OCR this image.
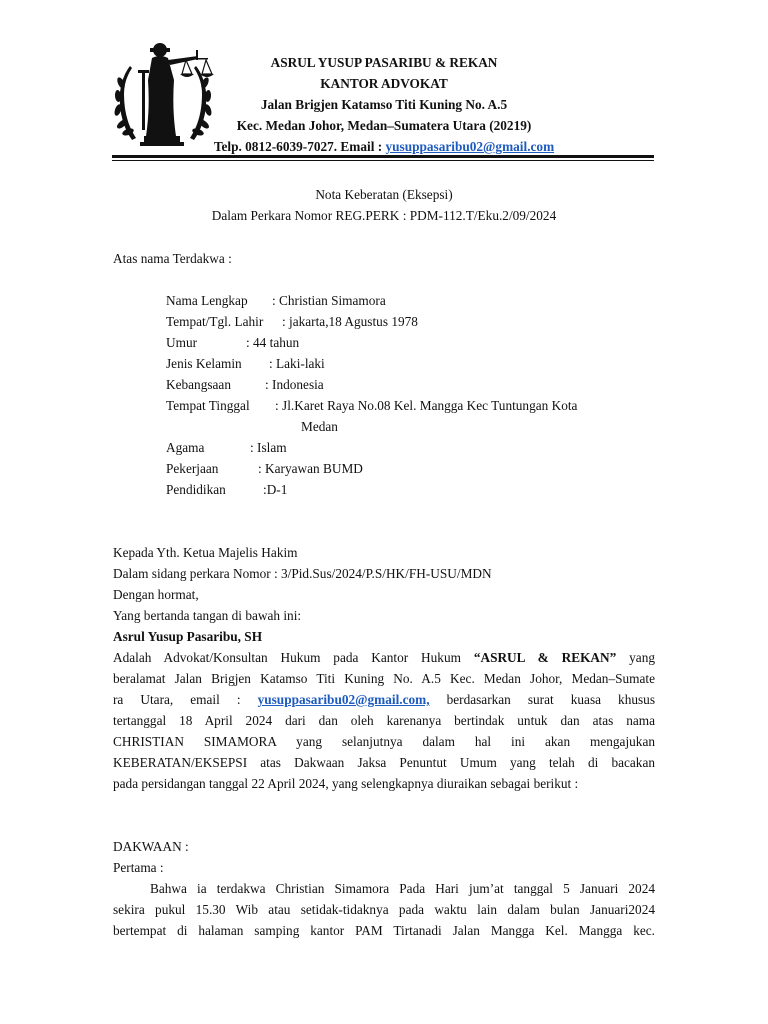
ASRUL YUSUP PASARIBU & REKAN
KANTOR ADVOKAT
Jalan Brigjen Katamso Titi Kuning No. A.5
Kec. Medan Johor, Medan–Sumatera Utara (20219)
Telp. 0812-6039-7027. Email : yusuppasaribu02@gmail.com
Nota Keberatan (Eksepsi)
Dalam Perkara Nomor REG.PERK : PDM-112.T/Eku.2/09/2024
Atas nama Terdakwa :
Nama Lengkap : Christian Simamora
Tempat/Tgl. Lahir : jakarta,18 Agustus 1978
Umur	: 44 tahun
Jenis Kelamin : Laki-laki
Kebangsaan	: Indonesia
Tempat Tinggal : Jl.Karet Raya No.08 Kel. Mangga Kec Tuntungan Kota
Medan
Agama	: Islam
Pekerjaan	: Karyawan BUMD
Pendidikan	:D-1
Kepada Yth. Ketua Majelis Hakim
Dalam sidang perkara Nomor : 3/Pid.Sus/2024/P.S/HK/FH-USU/MDN
Dengan hormat,
Yang bertanda tangan di bawah ini:
Asrul Yusup Pasaribu, SH
Adalah Advokat/Konsultan Hukum pada Kantor Hukum “ASRUL & REKAN” yang
beralamat Jalan Brigjen Katamso Titi Kuning No. A.5 Kec. Medan Johor, Medan–Sumate
ra Utara, email : yusuppasaribu02@gmail.com, berdasarkan surat kuasa khusus
tertanggal 18 April 2024 dari dan oleh karenanya bertindak untuk dan atas nama
CHRISTIAN SIMAMORA yang selanjutnya dalam hal ini akan mengajukan
KEBERATAN/EKSEPSI atas Dakwaan Jaksa Penuntut Umum yang telah di bacakan
pada persidangan tanggal 22 April 2024, yang selengkapnya diuraikan sebagai berikut :
DAKWAAN :
Pertama :
Bahwa ia terdakwa Christian Simamora Pada Hari jum’at tanggal 5 Januari 2024
sekira pukul 15.30 Wib atau setidak-tidaknya pada waktu lain dalam bulan Januari2024
bertempat di halaman samping kantor PAM Tirtanadi Jalan Mangga Kel. Mangga kec.
